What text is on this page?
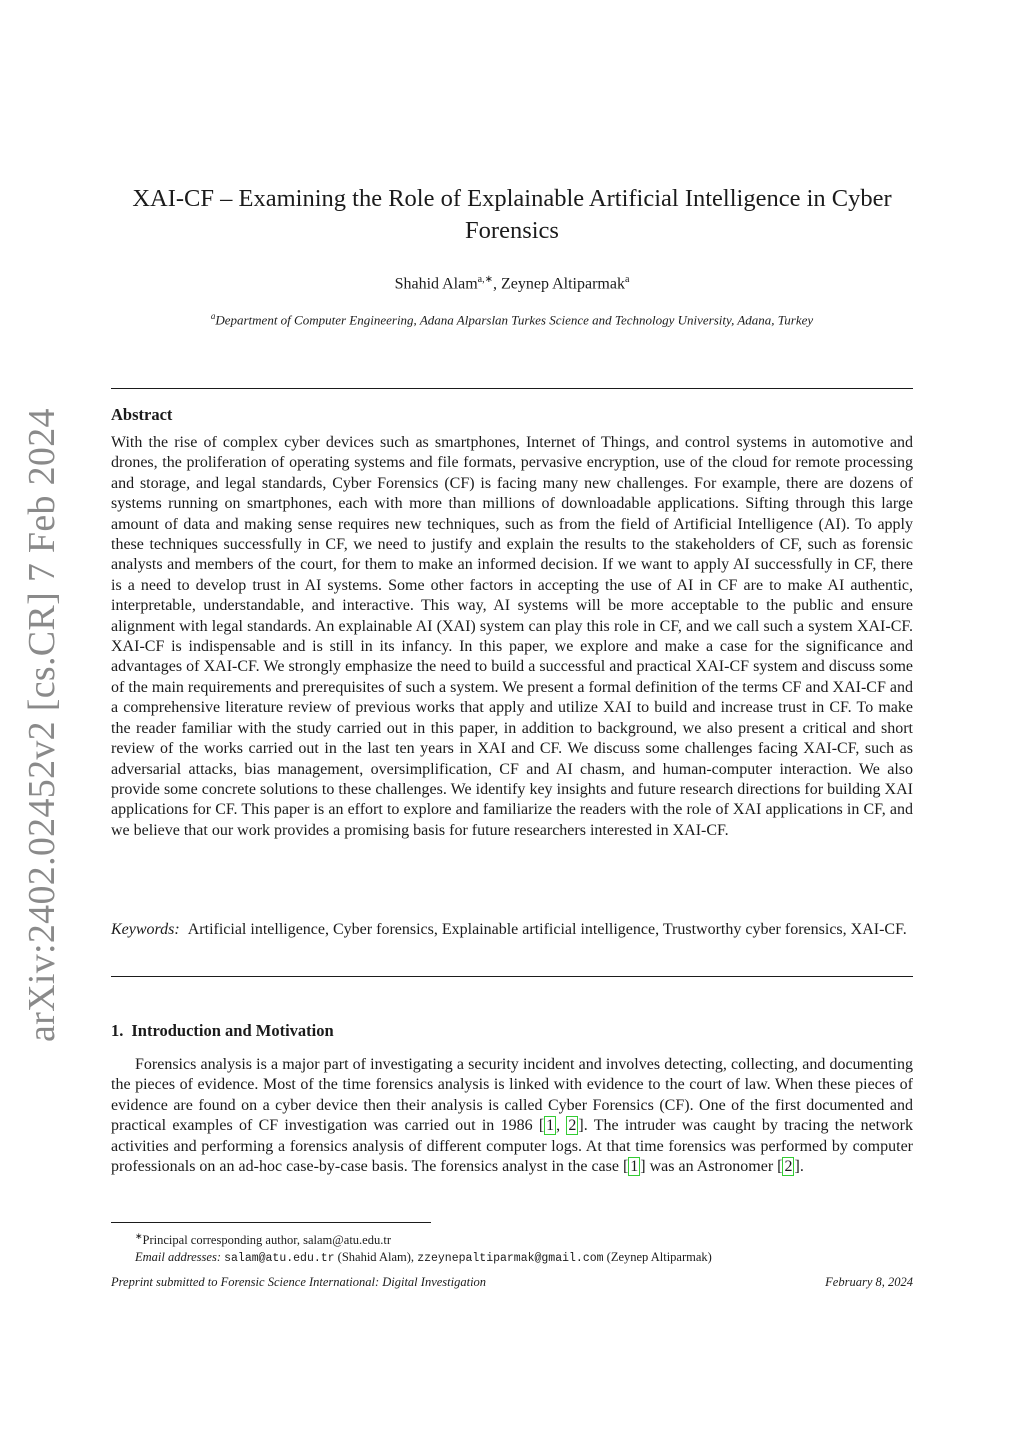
arXiv:2402.02452v2 [cs.CR] 7 Feb 2024
XAI-CF – Examining the Role of Explainable Artificial Intelligence in Cyber Forensics
Shahid Alam$^{a,∗}$, Zeynep Altiparmak$^a$
$^a$Department of Computer Engineering, Adana Alparslan Turkes Science and Technology University, Adana, Turkey
Abstract
With the rise of complex cyber devices such as smartphones, Internet of Things, and control systems in automotive and drones, the proliferation of operating systems and file formats, pervasive encryption, use of the cloud for remote processing and storage, and legal standards, Cyber Forensics (CF) is facing many new challenges. For example, there are dozens of systems running on smartphones, each with more than millions of downloadable applications. Sifting through this large amount of data and making sense requires new techniques, such as from the field of Artificial Intelligence (AI). To apply these techniques successfully in CF, we need to justify and explain the results to the stakeholders of CF, such as forensic analysts and members of the court, for them to make an informed decision. If we want to apply AI successfully in CF, there is a need to develop trust in AI systems. Some other factors in accepting the use of AI in CF are to make AI authentic, interpretable, understandable, and interactive. This way, AI systems will be more acceptable to the public and ensure alignment with legal standards. An explainable AI (XAI) system can play this role in CF, and we call such a system XAI-CF. XAI-CF is indispensable and is still in its infancy. In this paper, we explore and make a case for the significance and advantages of XAI-CF. We strongly emphasize the need to build a successful and practical XAI-CF system and discuss some of the main requirements and prerequisites of such a system. We present a formal definition of the terms CF and XAI-CF and a comprehensive literature review of previous works that apply and utilize XAI to build and increase trust in CF. To make the reader familiar with the study carried out in this paper, in addition to background, we also present a critical and short review of the works carried out in the last ten years in XAI and CF. We discuss some challenges facing XAI-CF, such as adversarial attacks, bias management, oversimplification, CF and AI chasm, and human-computer interaction. We also provide some concrete solutions to these challenges. We identify key insights and future research directions for building XAI applications for CF. This paper is an effort to explore and familiarize the readers with the role of XAI applications in CF, and we believe that our work provides a promising basis for future researchers interested in XAI-CF.
Keywords: Artificial intelligence, Cyber forensics, Explainable artificial intelligence, Trustworthy cyber forensics, XAI-CF.
1. Introduction and Motivation
Forensics analysis is a major part of investigating a security incident and involves detecting, collecting, and documenting the pieces of evidence. Most of the time forensics analysis is linked with evidence to the court of law. When these pieces of evidence are found on a cyber device then their analysis is called Cyber Forensics (CF). One of the first documented and practical examples of CF investigation was carried out in 1986 [ 1 , 2 ]. The intruder was caught by tracing the network activities and performing a forensics analysis of different computer logs. At that time forensics was performed by computer professionals on an ad-hoc case-by-case basis. The forensics analyst in the case [ 1 ] was an Astronomer [ 2 ].
∗Principal corresponding author, salam@atu.edu.tr
Email addresses: salam@atu.edu.tr (Shahid Alam), zzeynepaltiparmak@gmail.com (Zeynep Altiparmak)
Preprint submitted to Forensic Science International: Digital Investigation	February 8, 2024
